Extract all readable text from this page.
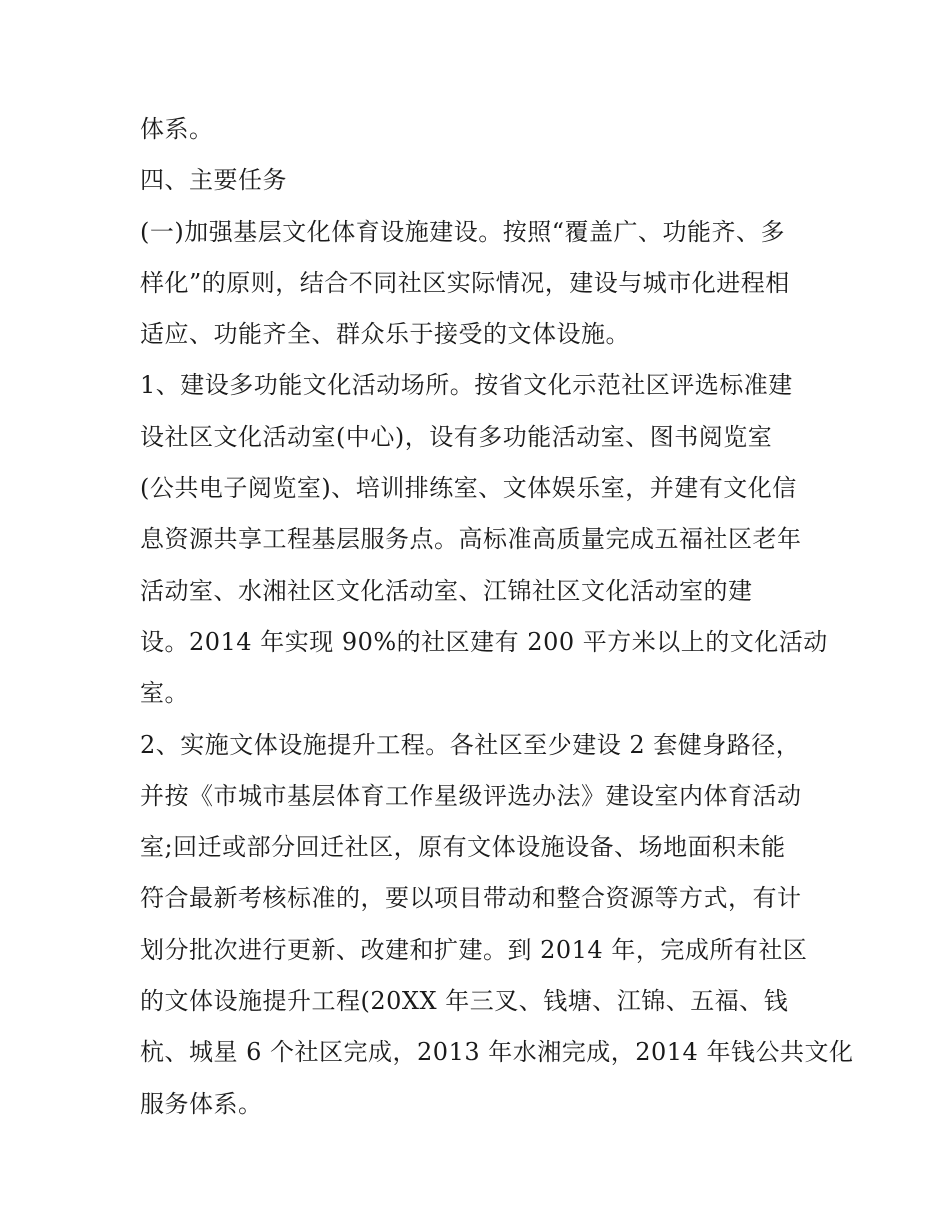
体系。
四、主要任务
(一)加强基层文化体育设施建设。按照“覆盖广、功能齐、多
样化”的原则，结合不同社区实际情况，建设与城市化进程相
适应、功能齐全、群众乐于接受的文体设施。
1、建设多功能文化活动场所。按省文化示范社区评选标准建
设社区文化活动室(中心)，设有多功能活动室、图书阅览室
(公共电子阅览室)、培训排练室、文体娱乐室，并建有文化信
息资源共享工程基层服务点。高标准高质量完成五福社区老年
活动室、水湘社区文化活动室、江锦社区文化活动室的建
设。2014 年实现 90%的社区建有 200 平方米以上的文化活动
室。
2、实施文体设施提升工程。各社区至少建设 2 套健身路径，
并按《市城市基层体育工作星级评选办法》建设室内体育活动
室;回迁或部分回迁社区，原有文体设施设备、场地面积未能
符合最新考核标准的，要以项目带动和整合资源等方式，有计
划分批次进行更新、改建和扩建。到 2014 年，完成所有社区
的文体设施提升工程(20XX 年三叉、钱塘、江锦、五福、钱
杭、城星 6 个社区完成，2013 年水湘完成，2014 年钱公共文化
服务体系。
